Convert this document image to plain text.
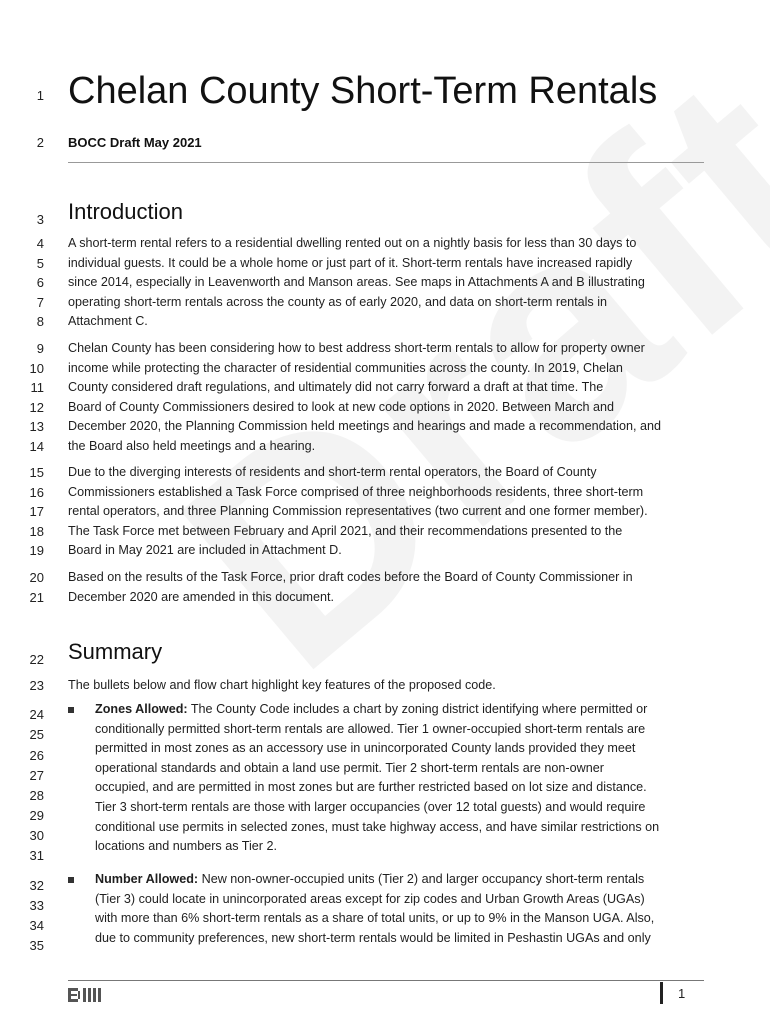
1
2
3
4
5
6
7
8
9
10
11
12
13
14
15
16
17
18
19
20
21
22
23
24
25
26
27
28
29
30
31
32
33
34
35
Chelan County Short-Term Rentals
BOCC Draft May 2021
Introduction
A short-term rental refers to a residential dwelling rented out on a nightly basis for less than 30 days to
individual guests. It could be a whole home or just part of it. Short-term rentals have increased rapidly
since 2014, especially in Leavenworth and Manson areas. See maps in Attachments A and B illustrating
operating short-term rentals across the county as of early 2020, and data on short-term rentals in
Attachment C.
Chelan County has been considering how to best address short-term rentals to allow for property owner
income while protecting the character of residential communities across the county. In 2019, Chelan
County considered draft regulations, and ultimately did not carry forward a draft at that time. The
Board of County Commissioners desired to look at new code options in 2020. Between March and
December 2020, the Planning Commission held meetings and hearings and made a recommendation, and
the Board also held meetings and a hearing.
Due to the diverging interests of residents and short-term rental operators, the Board of County
Commissioners established a Task Force comprised of three neighborhoods residents, three short-term
rental operators, and three Planning Commission representatives (two current and one former member).
The Task Force met between February and April 2021, and their recommendations presented to the
Board in May 2021 are included in Attachment D.
Based on the results of the Task Force, prior draft codes before the Board of County Commissioner in
December 2020 are amended in this document.
Summary
The bullets below and flow chart highlight key features of the proposed code.
Zones Allowed: The County Code includes a chart by zoning district identifying where permitted or
conditionally permitted short-term rentals are allowed. Tier 1 owner-occupied short-term rentals are
permitted in most zones as an accessory use in unincorporated County lands provided they meet
operational standards and obtain a land use permit. Tier 2 short-term rentals are non-owner
occupied, and are permitted in most zones but are further restricted based on lot size and distance.
Tier 3 short-term rentals are those with larger occupancies (over 12 total guests) and would require
conditional use permits in selected zones, must take highway access, and have similar restrictions on
locations and numbers as Tier 2.
Number Allowed: New non-owner-occupied units (Tier 2) and larger occupancy short-term rentals
(Tier 3) could locate in unincorporated areas except for zip codes and Urban Growth Areas (UGAs)
with more than 6% short-term rentals as a share of total units, or up to 9% in the Manson UGA. Also,
due to community preferences, new short-term rentals would be limited in Peshastin UGAs and only
1
